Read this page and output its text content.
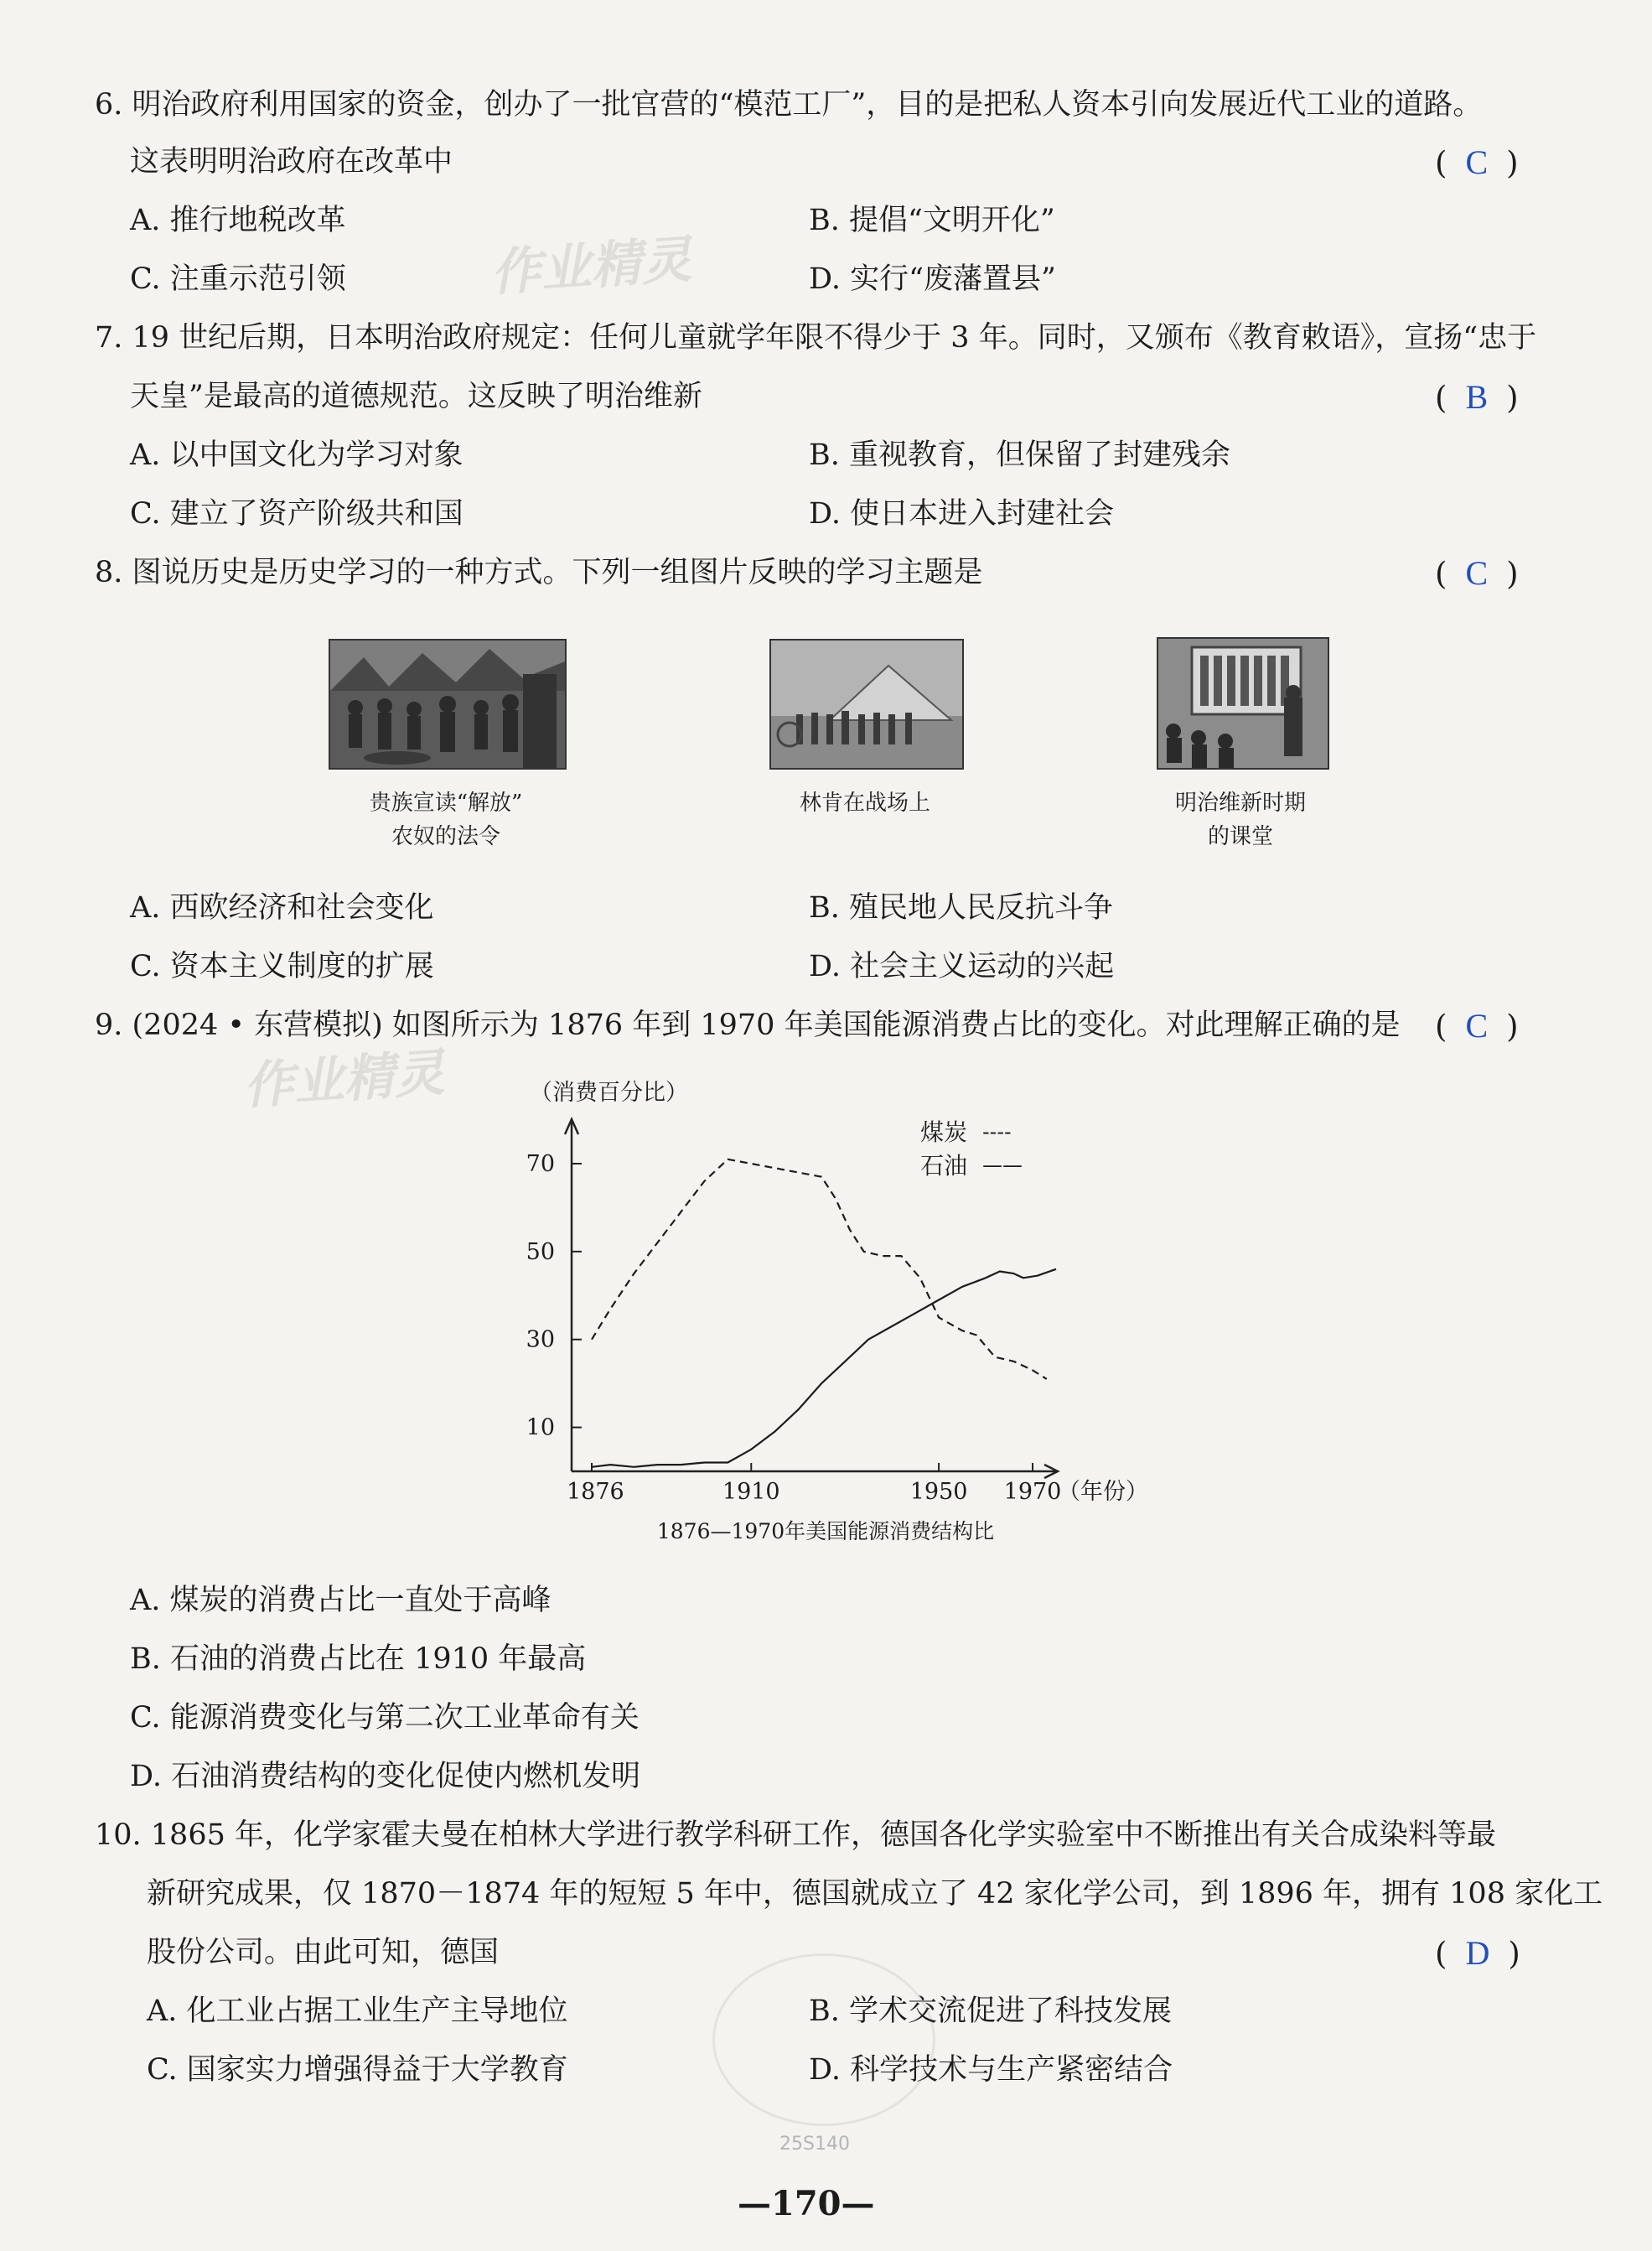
6. 明治政府利用国家的资金，创办了一批官营的“模范工厂”，目的是把私人资本引向发展近代工业的道路。
这表明明治政府在改革中	( C )
A. 推行地税改革	B. 提倡“文明开化”
C. 注重示范引领	D. 实行“废藩置县”
作业精灵
7. 19 世纪后期，日本明治政府规定：任何儿童就学年限不得少于 3 年。同时，又颁布《教育敕语》，宣扬“忠于
天皇”是最高的道德规范。这反映了明治维新	( B )
A. 以中国文化为学习对象	B. 重视教育，但保留了封建残余
C. 建立了资产阶级共和国	D. 使日本进入封建社会
8. 图说历史是历史学习的一种方式。下列一组图片反映的学习主题是	( C )
贵族宣读“解放”
农奴的法令
林肯在战场上	明治维新时期
的课堂
A. 西欧经济和社会变化	B. 殖民地人民反抗斗争
C. 资本主义制度的扩展	D. 社会主义运动的兴起
9. (2024 • 东营模拟) 如图所示为 1876 年到 1970 年美国能源消费占比的变化。对此理解正确的是 ( C )
作业精灵	（消费百分比）
10
30
50
70
1876	1910	1950 1970
煤炭 ----
石油 ——
（年份）
1876—1970年美国能源消费结构比
A. 煤炭的消费占比一直处于高峰
B. 石油的消费占比在 1910 年最高
C. 能源消费变化与第二次工业革命有关
D. 石油消费结构的变化促使内燃机发明
10. 1865 年，化学家霍夫曼在柏林大学进行教学科研工作，德国各化学实验室中不断推出有关合成染料等最
新研究成果，仅 1870－1874 年的短短 5 年中，德国就成立了 42 家化学公司，到 1896 年，拥有 108 家化工
股份公司。由此可知，德国	( D )
A. 化工业占据工业生产主导地位	B. 学术交流促进了科技发展
C. 国家实力增强得益于大学教育	D. 科学技术与生产紧密结合
25S140
—170—
